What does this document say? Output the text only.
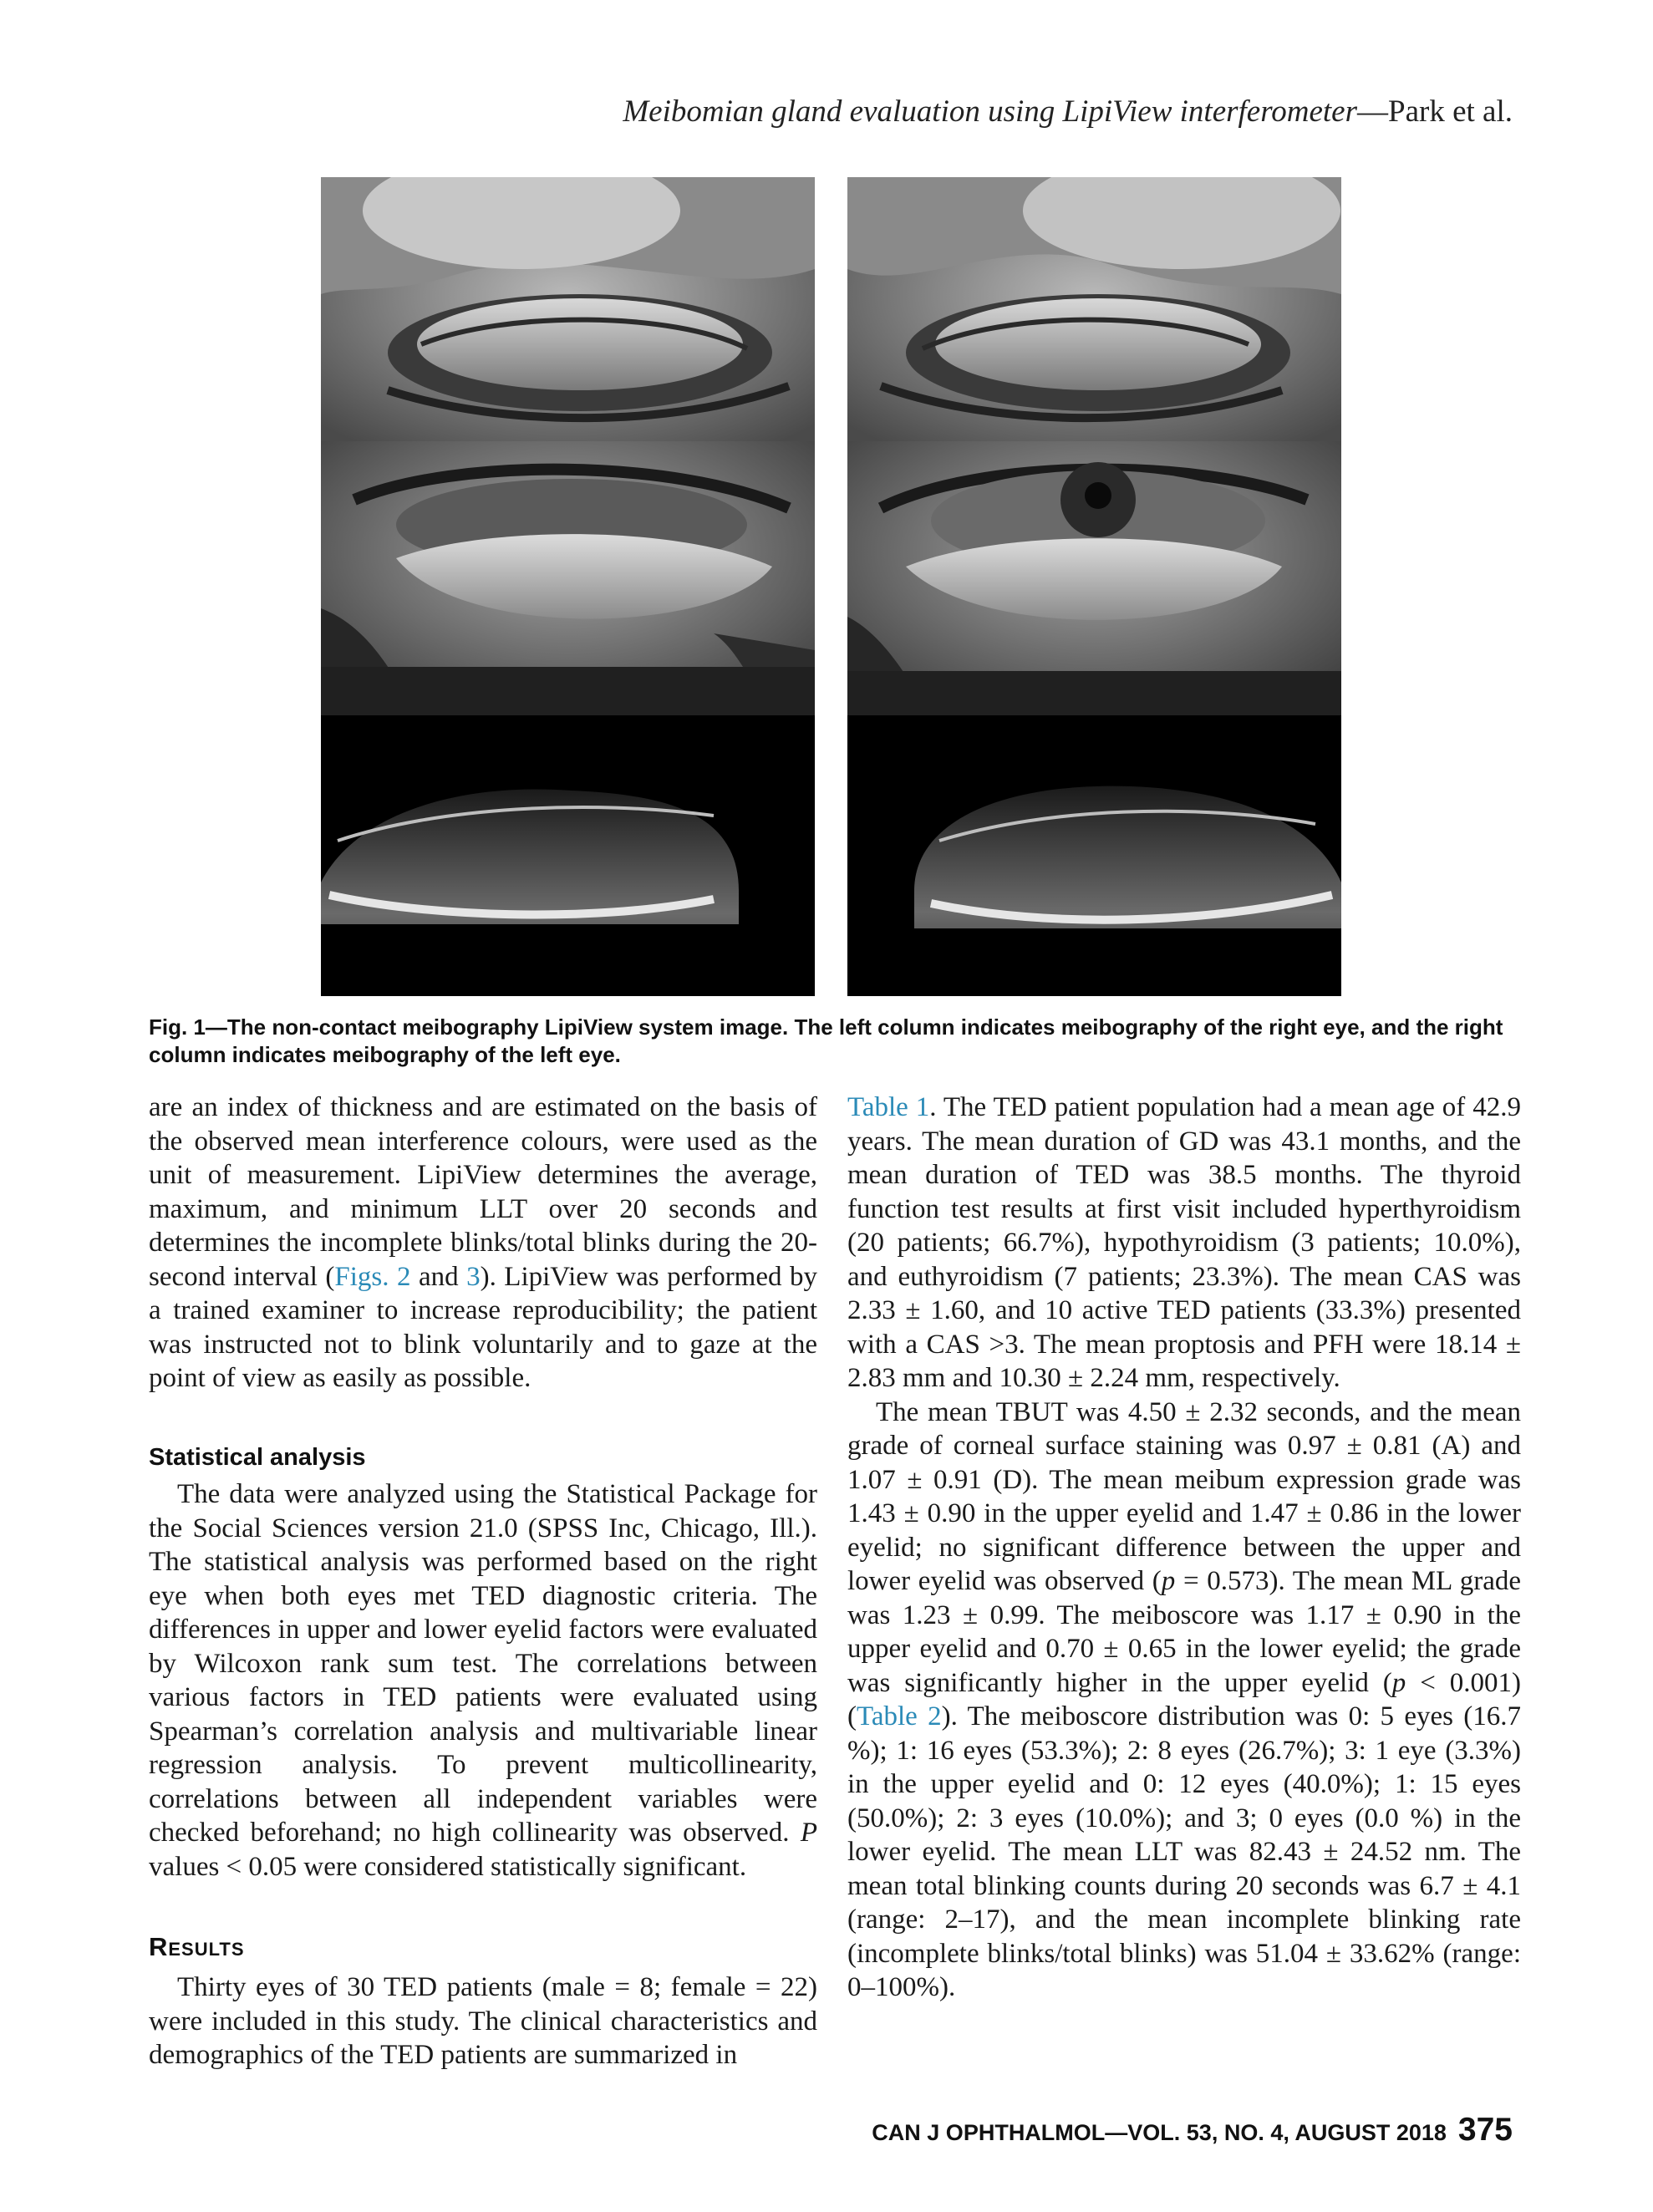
Meibomian gland evaluation using LipiView interferometer—Park et al.
Fig. 1—The non-contact meibography LipiView system image. The left column indicates meibography of the right eye, and the right column indicates meibography of the left eye.

are an index of thickness and are estimated on the basis of the observed mean interference colours, were used as the unit of measurement. LipiView determines the average, maximum, and minimum LLT over 20 seconds and determines the incomplete blinks/total blinks during the 20-second interval (Figs. 2 and 3). LipiView was performed by a trained examiner to increase reproducibility; the patient was instructed not to blink voluntarily and to gaze at the point of view as easily as possible.

Statistical analysis

The data were analyzed using the Statistical Package for the Social Sciences version 21.0 (SPSS Inc, Chicago, Ill.). The statistical analysis was performed based on the right eye when both eyes met TED diagnostic criteria. The differences in upper and lower eyelid factors were evaluated by Wilcoxon rank sum test. The correlations between various factors in TED patients were evaluated using Spearman’s correlation analysis and multivariable linear regression analysis. To prevent multicollinearity, correlations between all independent variables were checked beforehand; no high collinearity was observed. P values < 0.05 were considered statistically significant.

Results

Thirty eyes of 30 TED patients (male = 8; female = 22) were included in this study. The clinical characteristics and demographics of the TED patients are summarized in

Table 1. The TED patient population had a mean age of 42.9 years. The mean duration of GD was 43.1 months, and the mean duration of TED was 38.5 months. The thyroid function test results at first visit included hyperthyroidism (20 patients; 66.7%), hypothyroidism (3 patients; 10.0%), and euthyroidism (7 patients; 23.3%). The mean CAS was 2.33 ± 1.60, and 10 active TED patients (33.3%) presented with a CAS >3. The mean proptosis and PFH were 18.14 ± 2.83 mm and 10.30 ± 2.24 mm, respectively.

The mean TBUT was 4.50 ± 2.32 seconds, and the mean grade of corneal surface staining was 0.97 ± 0.81 (A) and 1.07 ± 0.91 (D). The mean meibum expression grade was 1.43 ± 0.90 in the upper eyelid and 1.47 ± 0.86 in the lower eyelid; no significant difference between the upper and lower eyelid was observed (p = 0.573). The mean ML grade was 1.23 ± 0.99. The meiboscore was 1.17 ± 0.90 in the upper eyelid and 0.70 ± 0.65 in the lower eyelid; the grade was significantly higher in the upper eyelid (p < 0.001) (Table 2). The meiboscore distribution was 0: 5 eyes (16.7 %); 1: 16 eyes (53.3%); 2: 8 eyes (26.7%); 3: 1 eye (3.3%) in the upper eyelid and 0: 12 eyes (40.0%); 1: 15 eyes (50.0%); 2: 3 eyes (10.0%); and 3; 0 eyes (0.0 %) in the lower eyelid. The mean LLT was 82.43 ± 24.52 nm. The mean total blinking counts during 20 seconds was 6.7 ± 4.1 (range: 2–17), and the mean incomplete blinking rate (incomplete blinks/total blinks) was 51.04 ± 33.62% (range: 0–100%).

CAN J OPHTHALMOL—VOL. 53, NO. 4, AUGUST 2018 375
